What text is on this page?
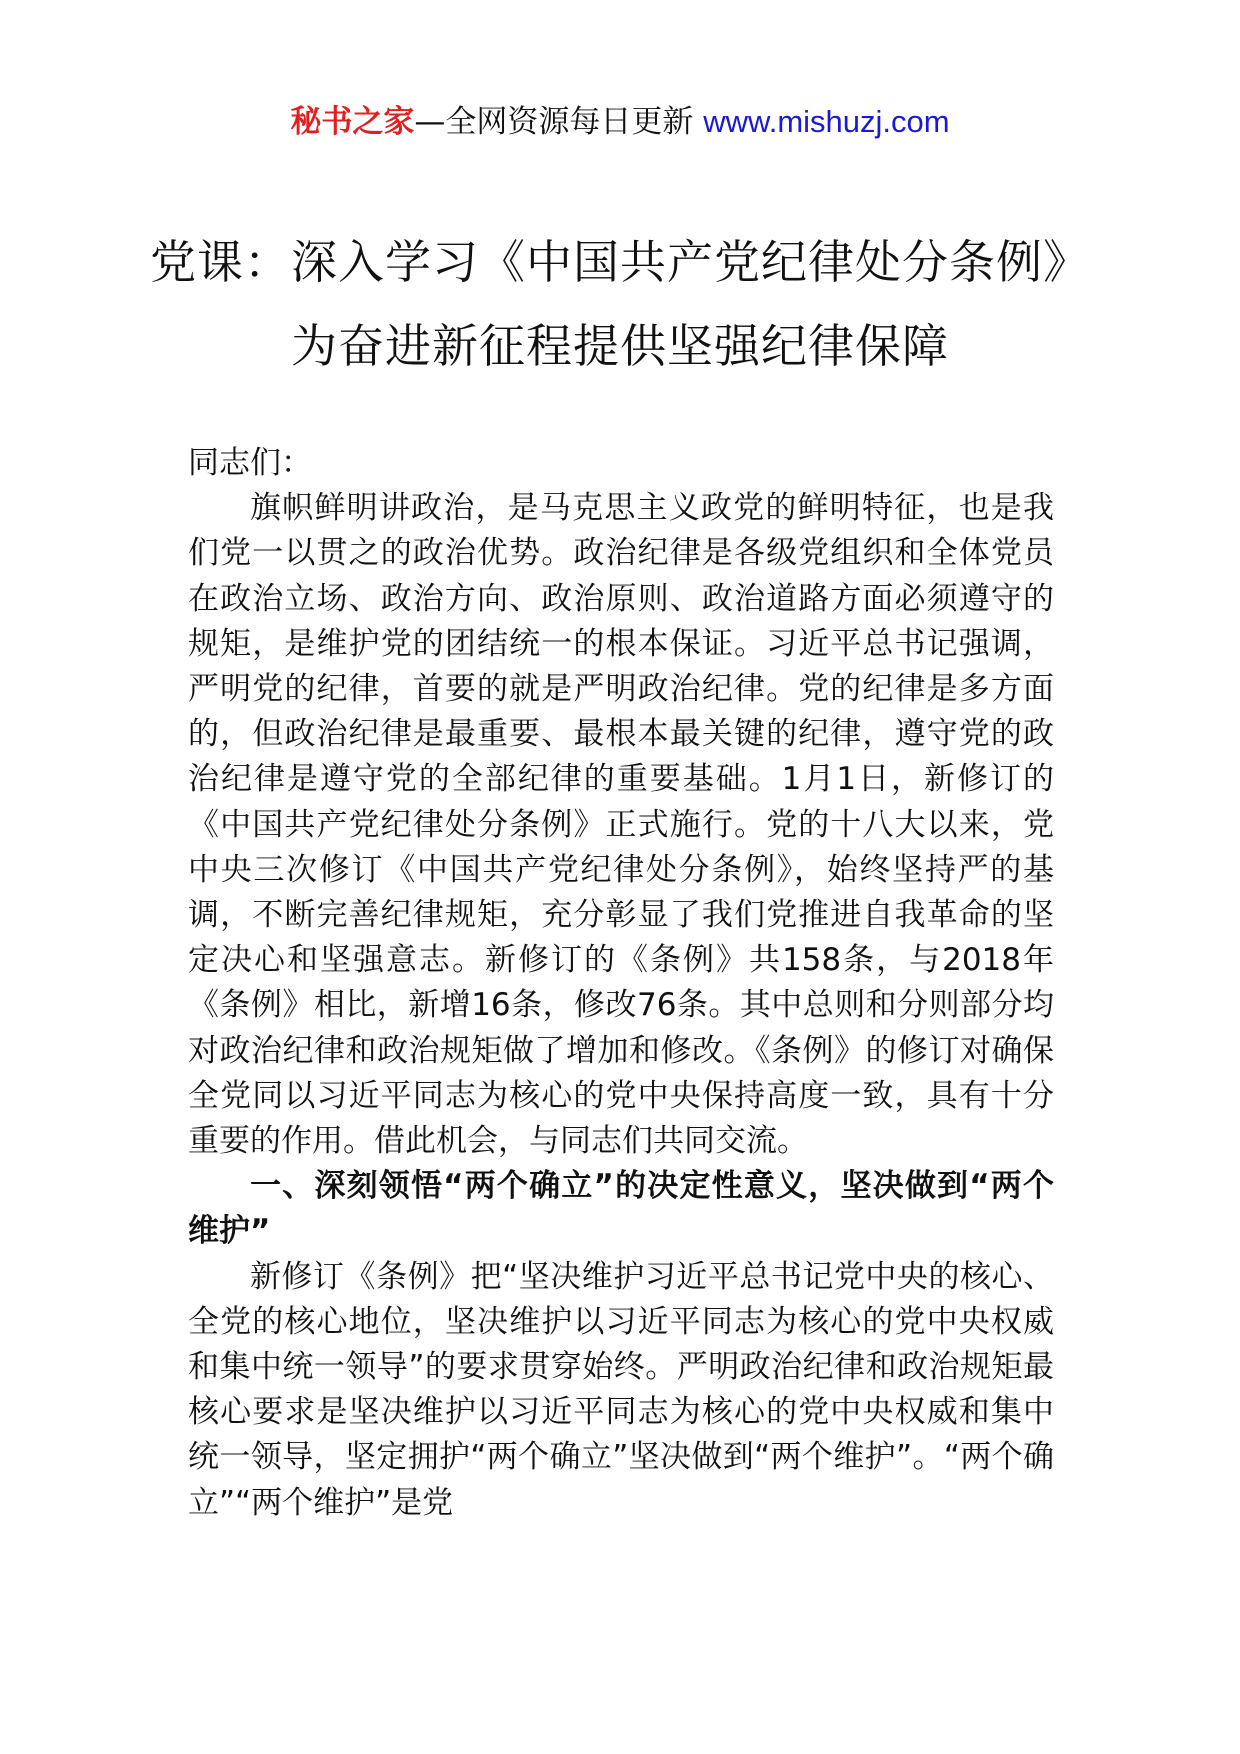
秘书之家—全网资源每日更新 www.mishuzj.com
党课：深入学习《中国共产党纪律处分条例》为奋进新征程提供坚强纪律保障

同志们：

旗帜鲜明讲政治，是马克思主义政党的鲜明特征，也是我们党一以贯之的政治优势。政治纪律是各级党组织和全体党员在政治立场、政治方向、政治原则、政治道路方面必须遵守的规矩，是维护党的团结统一的根本保证。习近平总书记强调，严明党的纪律，首要的就是严明政治纪律。党的纪律是多方面的，但政治纪律是最重要、最根本最关键的纪律，遵守党的政治纪律是遵守党的全部纪律的重要基础。1月1日，新修订的《中国共产党纪律处分条例》正式施行。党的十八大以来，党中央三次修订《中国共产党纪律处分条例》，始终坚持严的基调，不断完善纪律规矩，充分彰显了我们党推进自我革命的坚定决心和坚强意志。新修订的《条例》共158条，与2018年《条例》相比，新增16条，修改76条。其中总则和分则部分均对政治纪律和政治规矩做了增加和修改。《条例》的修订对确保全党同以习近平同志为核心的党中央保持高度一致，具有十分重要的作用。借此机会，与同志们共同交流。

一、深刻领悟“两个确立”的决定性意义，坚决做到“两个维护”

新修订《条例》把“坚决维护习近平总书记党中央的核心、全党的核心地位，坚决维护以习近平同志为核心的党中央权威和集中统一领导”的要求贯穿始终。严明政治纪律和政治规矩最核心要求是坚决维护以习近平同志为核心的党中央权威和集中统一领导，坚定拥护“两个确立”坚决做到“两个维护”。“两个确立”“两个维护”是党
